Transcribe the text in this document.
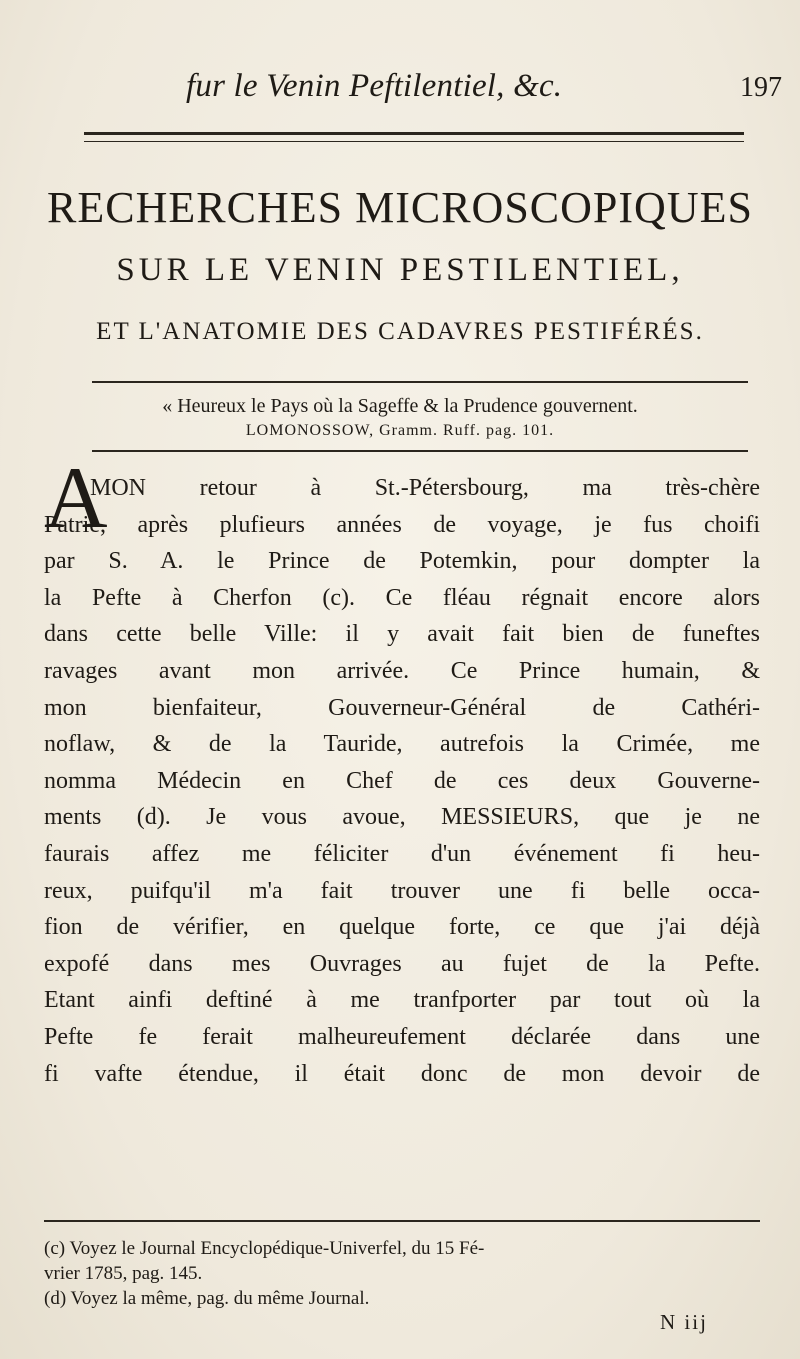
fur le Venin Peftilentiel, &c.	197
RECHERCHES MICROSCOPIQUES
SUR LE VENIN PESTILENTIEL,
ET L'ANATOMIE DES CADAVRES PESTIFÉRÉS.
« Heureux le Pays où la Sageffe & la Prudence gouvernent.
LOMONOSSOW, Gramm. Ruff. pag. 101.
A
MON retour à St.-Pétersbourg, ma très-chère
Patrie, après plufieurs années de voyage, je fus choifi
par S. A. le Prince de Potemkin, pour dompter la
la Pefte à Cherfon (c). Ce fléau régnait encore alors
dans cette belle Ville: il y avait fait bien de funeftes
ravages avant mon arrivée. Ce Prince humain, &
mon bienfaiteur, Gouverneur-Général de Cathéri-
noflaw, & de la Tauride, autrefois la Crimée, me
nomma Médecin en Chef de ces deux Gouverne-
ments (d). Je vous avoue, MESSIEURS, que je ne
faurais affez me féliciter d'un événement fi heu-
reux, puifqu'il m'a fait trouver une fi belle occa-
fion de vérifier, en quelque forte, ce que j'ai déjà
expofé dans mes Ouvrages au fujet de la Pefte.
Etant ainfi deftiné à me tranfporter par tout où la
Pefte fe ferait malheureufement déclarée dans une
fi vafte étendue, il était donc de mon devoir de
(c) Voyez le Journal Encyclopédique-Univerfel, du 15 Fé-
vrier 1785, pag. 145.
(d) Voyez la même, pag. du même Journal.
N iij
